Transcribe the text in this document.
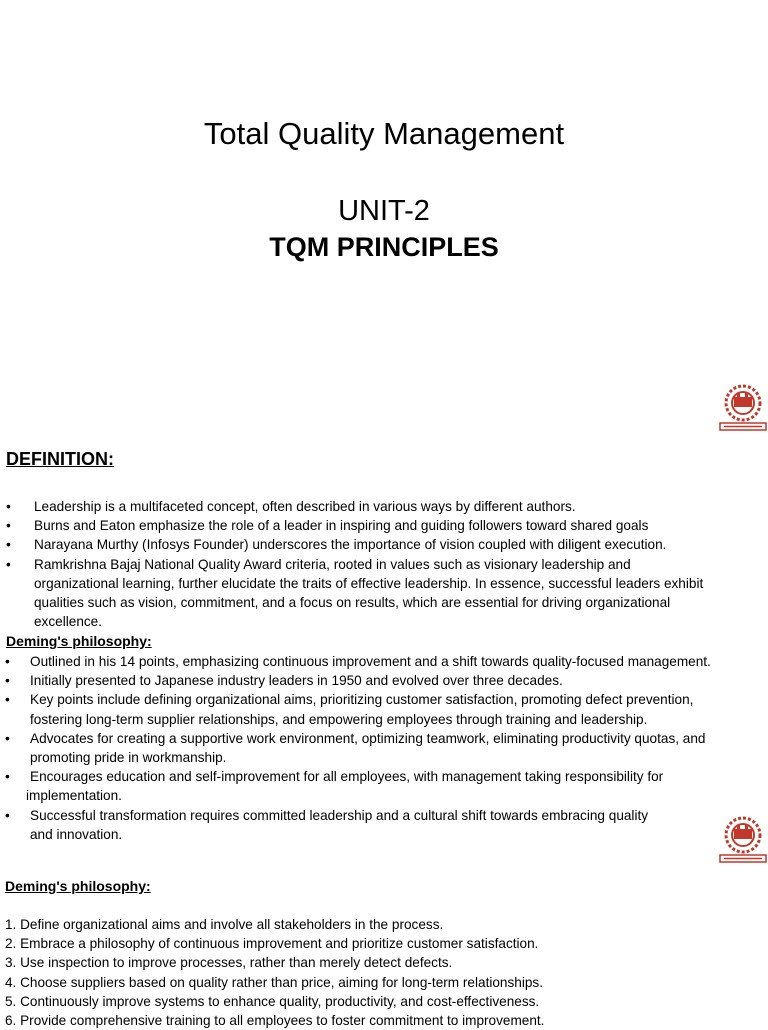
Total Quality Management
UNIT-2
TQM PRINCIPLES
DEFINITION:
•	Leadership is a multifaceted concept, often described in various ways by different authors.
•	Burns and Eaton emphasize the role of a leader in inspiring and guiding followers toward shared goals
•	Narayana Murthy (Infosys Founder) underscores the importance of vision coupled with diligent execution.
•	Ramkrishna Bajaj National Quality Award criteria, rooted in values such as visionary leadership and
organizational learning, further elucidate the traits of effective leadership. In essence, successful leaders exhibit
qualities such as vision, commitment, and a focus on results, which are essential for driving organizational
excellence.
Deming's philosophy:
•	Outlined in his 14 points, emphasizing continuous improvement and a shift towards quality-focused management.
•	Initially presented to Japanese industry leaders in 1950 and evolved over three decades.
•	Key points include defining organizational aims, prioritizing customer satisfaction, promoting defect prevention,
fostering long-term supplier relationships, and empowering employees through training and leadership.
•	Advocates for creating a supportive work environment, optimizing teamwork, eliminating productivity quotas, and
promoting pride in workmanship.
•	Encourages education and self-improvement for all employees, with management taking responsibility for
implementation.
•	Successful transformation requires committed leadership and a cultural shift towards embracing quality
and innovation.
Deming's philosophy:
1. Define organizational aims and involve all stakeholders in the process.
2. Embrace a philosophy of continuous improvement and prioritize customer satisfaction.
3. Use inspection to improve processes, rather than merely detect defects.
4. Choose suppliers based on quality rather than price, aiming for long-term relationships.
5. Continuously improve systems to enhance quality, productivity, and cost-effectiveness.
6. Provide comprehensive training to all employees to foster commitment to improvement.
